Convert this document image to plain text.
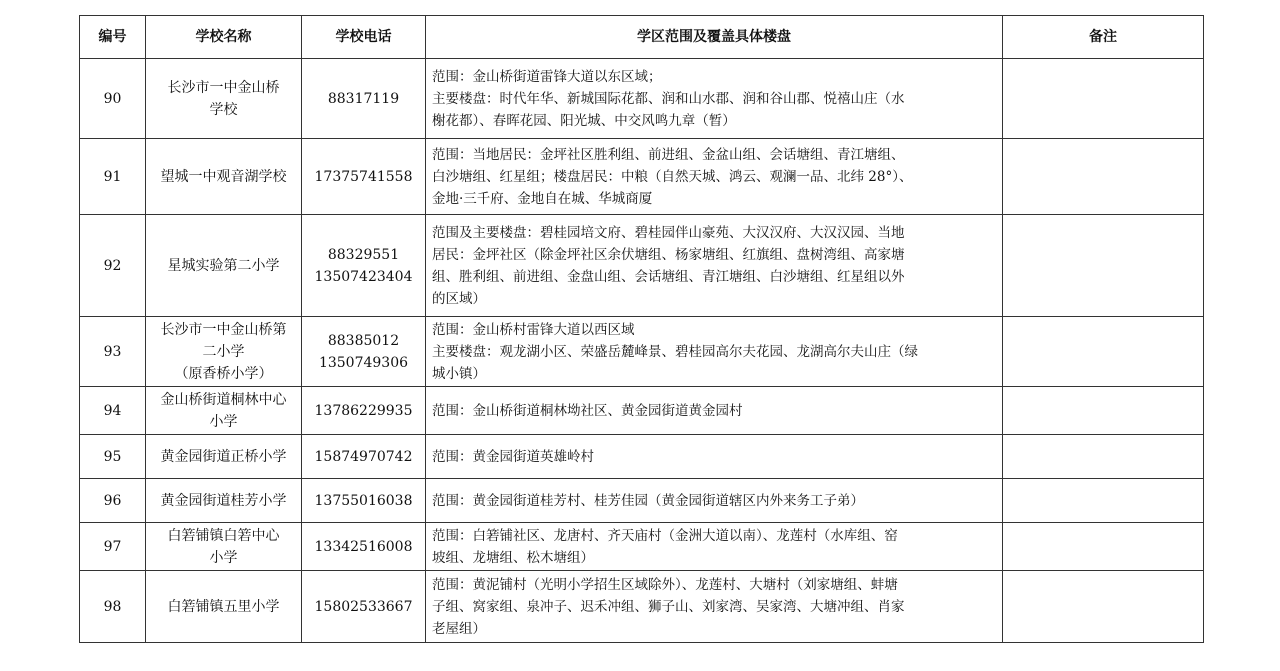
编号	学校名称	学校电话	学区范围及覆盖具体楼盘	备注
90	长沙市一中金山桥
学校	88317119	范围：金山桥街道雷锋大道以东区域；
主要楼盘：时代年华、新城国际花都、润和山水郡、润和谷山郡、悦禧山庄（水
榭花都）、春晖花园、阳光城、中交风鸣九章（暂）	

91	望城一中观音湖学校	17375741558	范围：当地居民：金坪社区胜利组、前进组、金盆山组、会话塘组、青江塘组、
白沙塘组、红星组；楼盘居民：中粮（自然天城、鸿云、观澜一品、北纬 28°）、
金地·三千府、金地自在城、华城商厦	

92	星城实验第二小学	88329551
13507423404	范围及主要楼盘：碧桂园培文府、碧桂园伴山豪苑、大汉汉府、大汉汉园、当地
居民：金坪社区（除金坪社区余伏塘组、杨家塘组、红旗组、盘树湾组、高家塘
组、胜利组、前进组、金盘山组、会话塘组、青江塘组、白沙塘组、红星组以外
的区域）	

93	长沙市一中金山桥第
二小学
（原香桥小学）	88385012
1350749306	范围：金山桥村雷锋大道以西区域
主要楼盘：观龙湖小区、荣盛岳麓峰景、碧桂园高尔夫花园、龙湖高尔夫山庄（绿
城小镇）	

94	金山桥街道桐林中心
小学	13786229935	范围：金山桥街道桐林坳社区、黄金园街道黄金园村	

95	黄金园街道正桥小学	15874970742	范围：黄金园街道英雄岭村	

96	黄金园街道桂芳小学	13755016038	范围：黄金园街道桂芳村、桂芳佳园（黄金园街道辖区内外来务工子弟）	

97	白箬铺镇白箬中心
小学	13342516008	范围：白箬铺社区、龙唐村、齐天庙村（金洲大道以南）、龙莲村（水库组、窑
坡组、龙塘组、松木塘组）	

98	白箬铺镇五里小学	15802533667	范围：黄泥铺村（光明小学招生区域除外）、龙莲村、大塘村（刘家塘组、蚌塘
子组、窝家组、泉冲子、迟禾冲组、狮子山、刘家湾、吴家湾、大塘冲组、肖家
老屋组）	
